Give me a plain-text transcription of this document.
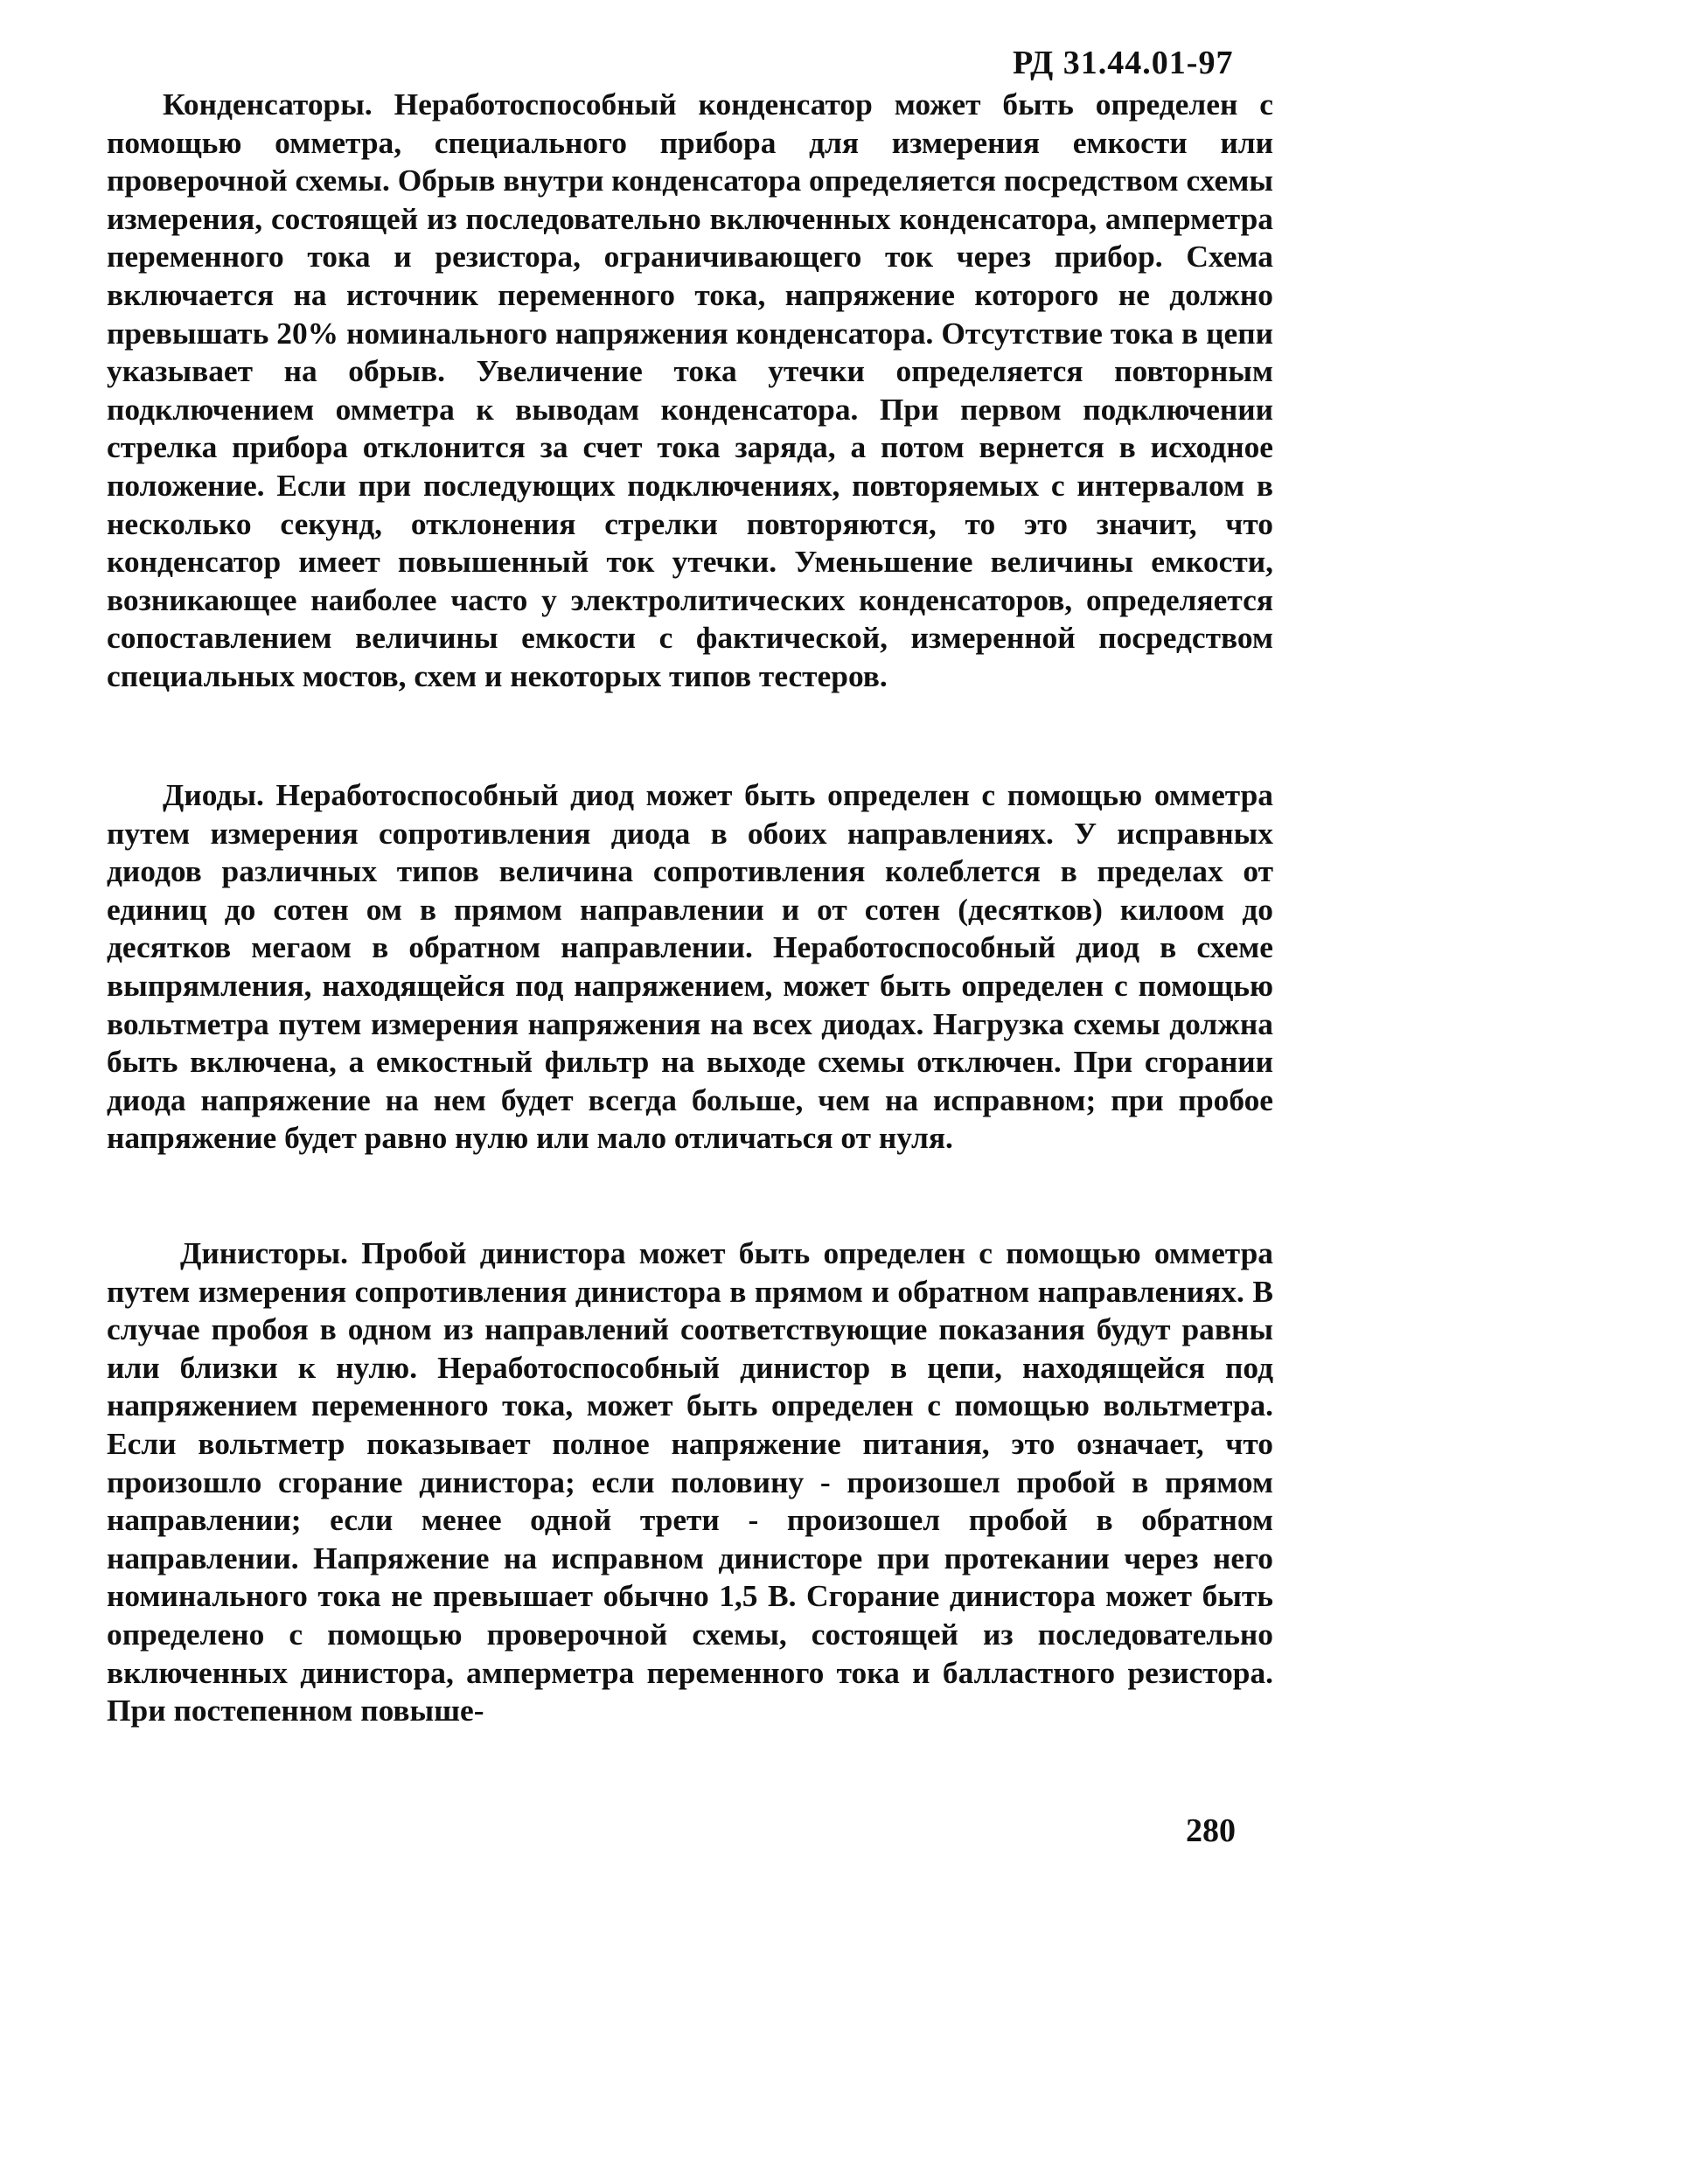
РД 31.44.01-97

Конденсаторы. Неработоспособный конденсатор может быть определен с помощью омметра, специального прибора для измерения емкости или проверочной схемы. Обрыв внутри конденсатора определяется посредством схемы измерения, состоящей из последовательно включенных конденсатора, амперметра переменного тока и резистора, ограничивающего ток через прибор. Схема включается на источник переменного тока, напряжение которого не должно превышать 20% номинального напряжения конденсатора. Отсутствие тока в цепи указывает на обрыв. Увеличение тока утечки определяется повторным подключением омметра к выводам конденсатора. При первом подключении стрелка прибора отклонится за счет тока заряда, а потом вернется в исходное положение. Если при последующих подключениях, повторяемых с интервалом в несколько секунд, отклонения стрелки повторяются, то это значит, что конденсатор имеет повышенный ток утечки. Уменьшение величины емкости, возникающее наиболее часто у электролитических конденсаторов, определяется сопоставлением величины емкости с фактической, измеренной посредством специальных мостов, схем и некоторых типов тестеров.

Диоды. Неработоспособный диод может быть определен с помощью омметра путем измерения сопротивления диода в обоих направлениях. У исправных диодов различных типов величина сопротивления колеблется в пределах от единиц до сотен ом в прямом направлении и от сотен (десятков) килоом до десятков мегаом в обратном направлении. Неработоспособный диод в схеме выпрямления, находящейся под напряжением, может быть определен с помощью вольтметра путем измерения напряжения на всех диодах. Нагрузка схемы должна быть включена, а емкостный фильтр на выходе схемы отключен. При сгорании диода напряжение на нем будет всегда больше, чем на исправном; при пробое напряжение будет равно нулю или мало отличаться от нуля.

Динисторы. Пробой динистора может быть определен с помощью омметра путем измерения сопротивления динистора в прямом и обратном направлениях. В случае пробоя в одном из направлений соответствующие показания будут равны или близки к нулю. Неработоспособный динистор в цепи, находящейся под напряжением переменного тока, может быть определен с помощью вольтметра. Если вольтметр показывает полное напряжение питания, это означает, что произошло сгорание динистора; если половину - произошел пробой в прямом направлении; если менее одной трети - произошел пробой в обратном направлении. Напряжение на исправном динисторе при протекании через него номинального тока не превышает обычно 1,5 В. Сгорание динистора может быть определено с помощью проверочной схемы, состоящей из последовательно включенных динистора, амперметра переменного тока и балластного резистора. При постепенном повыше-

280
